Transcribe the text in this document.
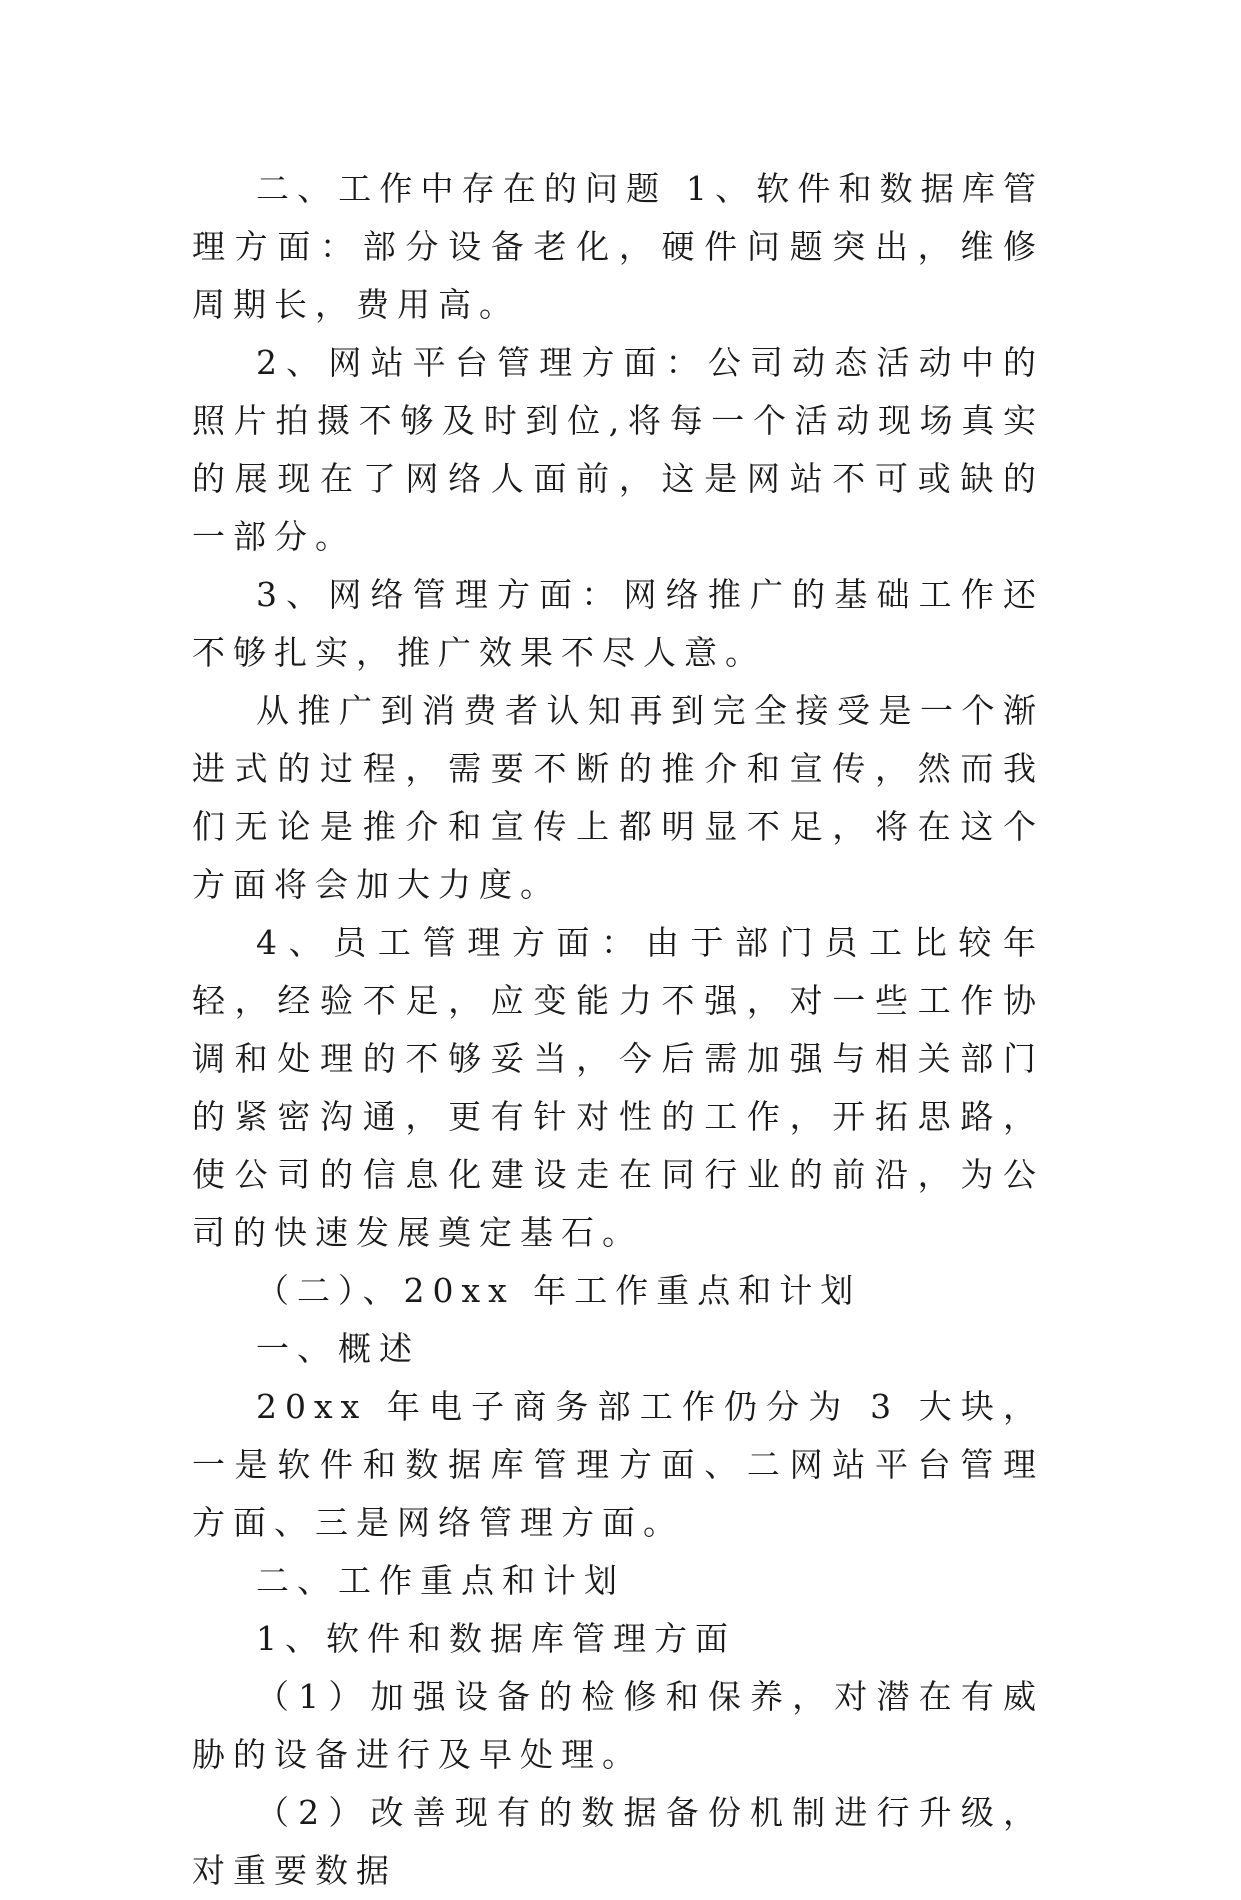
二、工作中存在的问题 1、软件和数据库管理方面：部分设备老化，硬件问题突出，维修周期长，费用高。

2、网站平台管理方面：公司动态活动中的照片拍摄不够及时到位,将每一个活动现场真实的展现在了网络人面前，这是网站不可或缺的一部分。

3、网络管理方面：网络推广的基础工作还不够扎实，推广效果不尽人意。

从推广到消费者认知再到完全接受是一个渐进式的过程，需要不断的推介和宣传，然而我们无论是推介和宣传上都明显不足，将在这个方面将会加大力度。

4、员工管理方面：由于部门员工比较年轻，经验不足，应变能力不强，对一些工作协调和处理的不够妥当，今后需加强与相关部门的紧密沟通，更有针对性的工作，开拓思路，使公司的信息化建设走在同行业的前沿，为公司的快速发展奠定基石。

（二）、20xx 年工作重点和计划

一、概述

20xx 年电子商务部工作仍分为 3 大块，一是软件和数据库管理方面、二网站平台管理方面、三是网络管理方面。

二、工作重点和计划

1、软件和数据库管理方面

（1）加强设备的检修和保养，对潜在有威胁的设备进行及早处理。

（2）改善现有的数据备份机制进行升级，对重要数据
